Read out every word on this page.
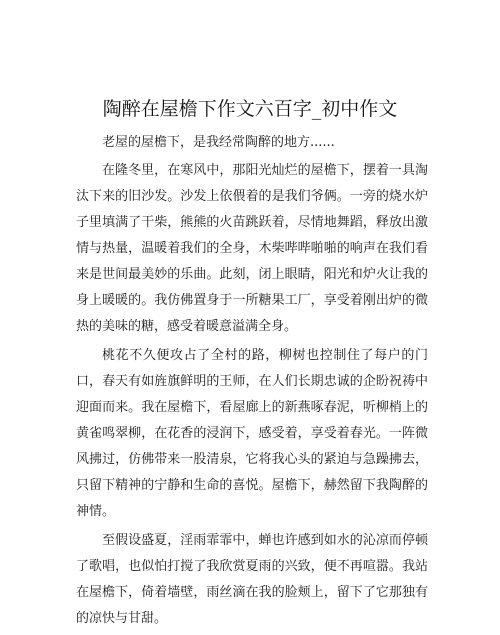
陶醉在屋檐下作文六百字_初中作文

老屋的屋檐下，是我经常陶醉的地方......

在隆冬里，在寒风中，那阳光灿烂的屋檐下，摆着一具淘汰下来的旧沙发。沙发上依偎着的是我们爷俩。一旁的烧水炉子里填满了干柴，熊熊的火苗跳跃着，尽情地舞蹈，释放出激情与热量，温暖着我们的全身，木柴哔哔啪啪的响声在我们看来是世间最美妙的乐曲。此刻，闭上眼睛，阳光和炉火让我的身上暖暖的。我仿佛置身于一所糖果工厂，享受着刚出炉的微热的美味的糖，感受着暖意溢满全身。

桃花不久便攻占了全村的路，柳树也控制住了每户的门口，春天有如旌旗鲜明的王师，在人们长期忠诚的企盼祝祷中迎面而来。我在屋檐下，看屋廊上的新燕啄春泥，听柳梢上的黄雀鸣翠柳，在花香的浸润下，感受着，享受着春光。一阵微风拂过，仿佛带来一股清泉，它将我心头的紧迫与急躁拂去，只留下精神的宁静和生命的喜悦。屋檐下，赫然留下我陶醉的神情。

至假设盛夏，淫雨霏霏中，蝉也许感到如水的沁凉而停顿了歌唱，也似怕打搅了我欣赏夏雨的兴致，便不再喧嚣。我站在屋檐下，倚着墙壁，雨丝滴在我的脸颊上，留下了它那独有的凉快与甘甜。
